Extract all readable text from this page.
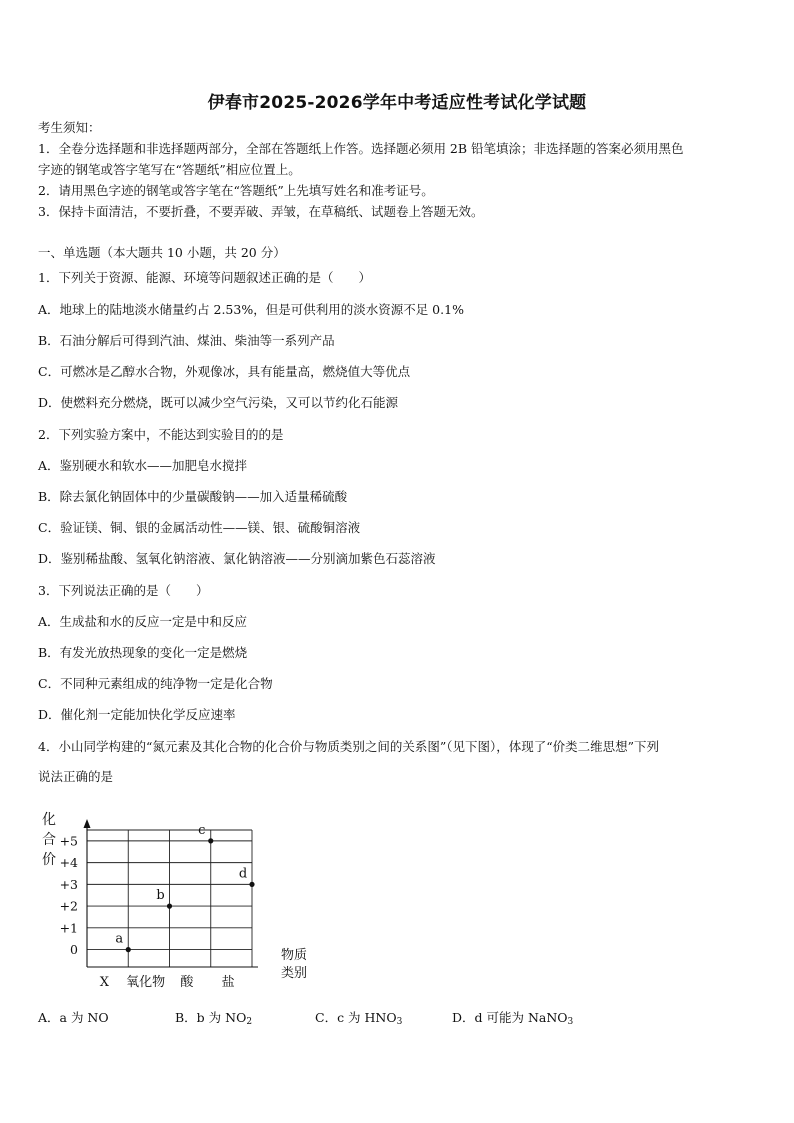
伊春市2025-2026学年中考适应性考试化学试题
考生须知：
1．全卷分选择题和非选择题两部分，全部在答题纸上作答。选择题必须用 2B 铅笔填涂；非选择题的答案必须用黑色
字迹的钢笔或答字笔写在“答题纸”相应位置上。
2．请用黑色字迹的钢笔或答字笔在“答题纸”上先填写姓名和准考证号。
3．保持卡面清洁，不要折叠，不要弄破、弄皱，在草稿纸、试题卷上答题无效。
一、单选题（本大题共 10 小题，共 20 分）
1．下列关于资源、能源、环境等问题叙述正确的是（　　）
A．地球上的陆地淡水储量约占 2.53%，但是可供利用的淡水资源不足 0.1%
B．石油分解后可得到汽油、煤油、柴油等一系列产品
C．可燃冰是乙醇水合物，外观像冰，具有能量高，燃烧值大等优点
D．使燃料充分燃烧，既可以减少空气污染，又可以节约化石能源
2．下列实验方案中，不能达到实验目的的是
A．鉴别硬水和软水——加肥皂水搅拌
B．除去氯化钠固体中的少量碳酸钠——加入适量稀硫酸
C．验证镁、铜、银的金属活动性——镁、银、硫酸铜溶液
D．鉴别稀盐酸、氢氧化钠溶液、氯化钠溶液——分别滴加紫色石蕊溶液
3．下列说法正确的是（　　）
A．生成盐和水的反应一定是中和反应
B．有发光放热现象的变化一定是燃烧
C．不同种元素组成的纯净物一定是化合物
D．催化剂一定能加快化学反应速率
4．小山同学构建的“氮元素及其化合物的化合价与物质类别之间的关系图”（见下图），体现了“价类二维思想”下列
说法正确的是
+5
+4
+3
+2
+1
0
X 氧化物 酸 盐
化
合
价
物质
类别
a
b
c
d
A．a 为 NO	B．b 为 $NO_2$	C．c 为 $HNO_3$	D．d 可能为 NaNO$_3$
